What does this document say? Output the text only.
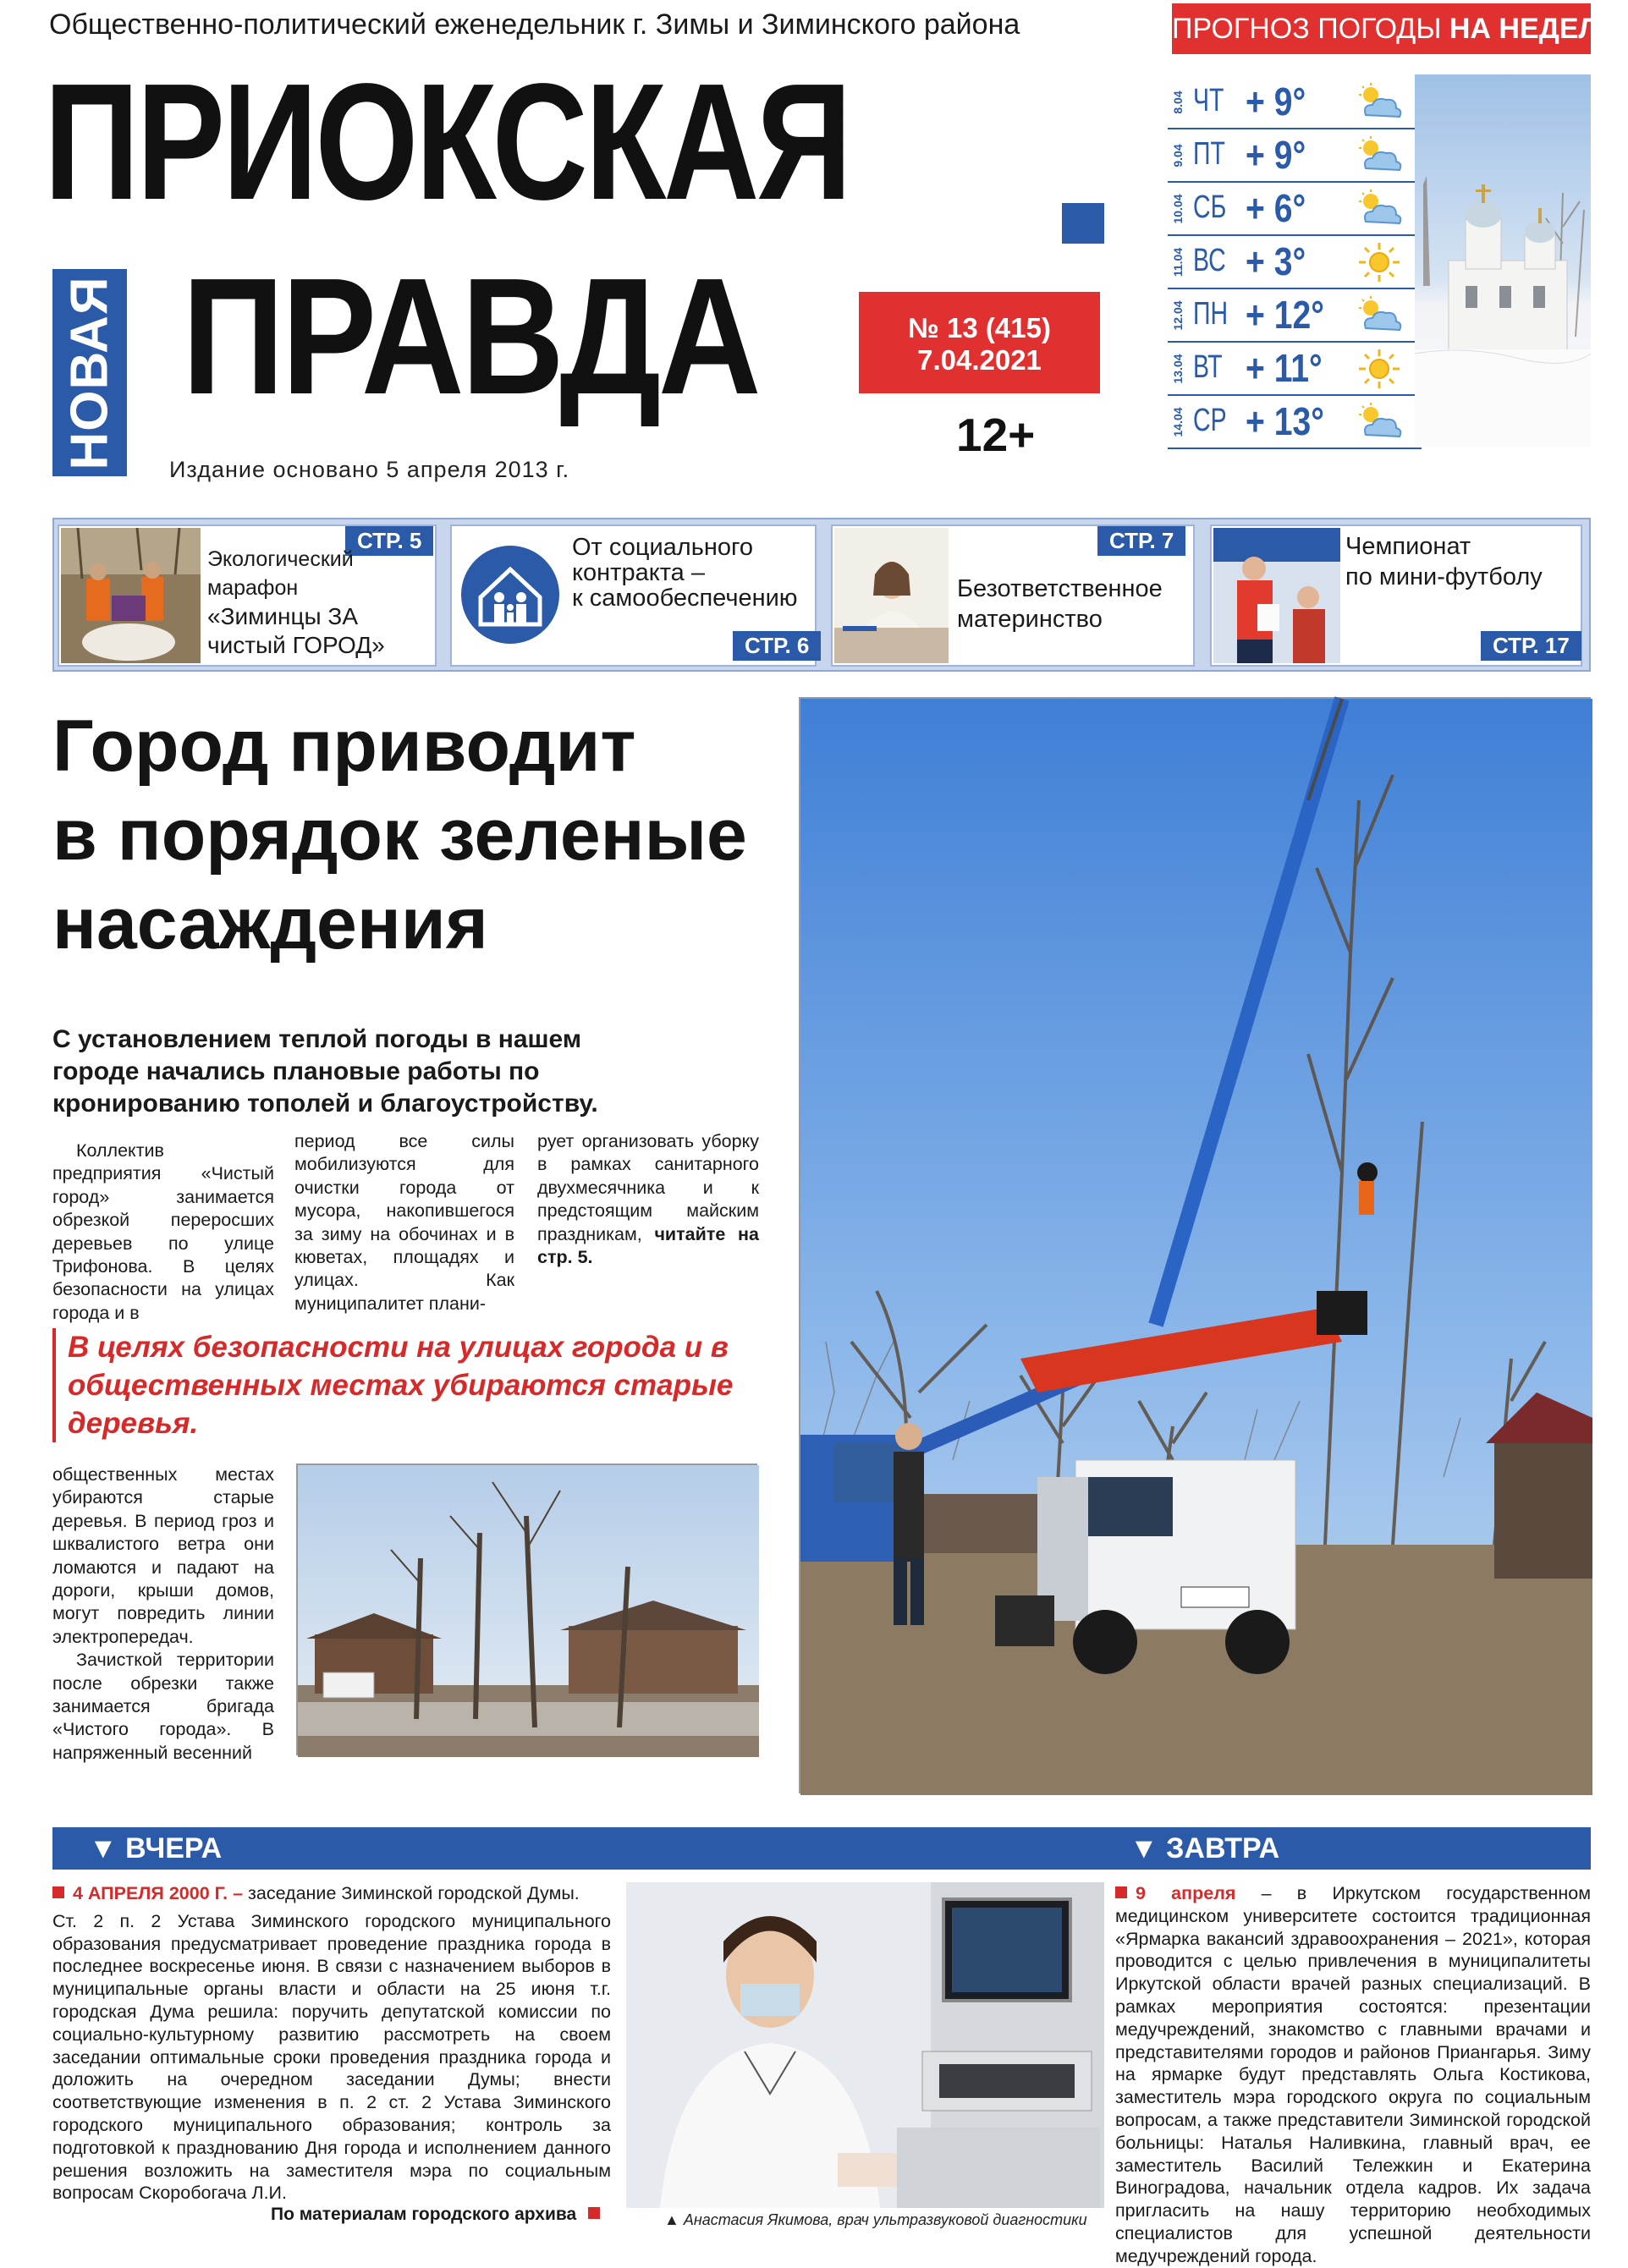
Общественно-политический еженедельник г. Зимы и Зиминского района
ПРИОКСКАЯ
НОВАЯ ПРАВДА
Издание основано 5 апреля 2013 г.
№ 13 (415)
7.04.2021
12+
ПРОГНОЗ ПОГОДЫ НА НЕДЕЛЮ
8.04 ЧТ + 9°
9.04 ПТ + 9°
10.04 СБ + 6°
11.04 ВС + 3°
12.04 ПН + 12°
13.04 ВТ + 11°
14.04 СР + 13°
СТР. 5
Экологический
марафон
«Зиминцы ЗА
чистый ГОРОД»
От социального
контракта –
к самообеспечению
СТР. 6
СТР. 7
Безответственное
материнство
Чемпионат
по мини-футболу
СТР. 17
Город приводит
в порядок зеленые
насаждения
С установлением теплой погоды в нашем городе начались плановые работы по кронированию тополей и благоустройству.

Коллектив предприятия «Чистый город» занимается обрезкой переросших деревьев по улице Трифонова. В целях безопасности на улицах города и в

период все силы мобилизуются для очистки города от мусора, накопившегося за зиму на обочинах и в кюветах, площадях и улицах. Как муниципалитет плани-

рует организовать уборку в рамках санитарного двухмесячника и к предстоящим майским праздникам, читайте на стр. 5.

В целях безопасности на улицах города и в общественных местах убираются старые деревья.

общественных местах убираются старые деревья. В период гроз и шквалистого ветра они ломаются и падают на дороги, крыши домов, могут повредить линии электропередач.

Зачисткой территории после обрезки также занимается бригада «Чистого города». В напряженный весенний

▼ ВЧЕРА	▼ ЗАВТРА
4 АПРЕЛЯ 2000 Г. – заседание Зиминской городской Думы.
Ст. 2 п. 2 Устава Зиминского городского муниципального образования предусматривает проведение праздника города в последнее воскресенье июня. В связи с назначением выборов в муниципальные органы власти и области на 25 июня т.г. городская Дума решила: поручить депутатской комиссии по социально-культурному развитию рассмотреть на своем заседании оптимальные сроки проведения праздника города и доложить на очередном заседании Думы; внести соответствующие изменения в п. 2 ст. 2 Устава Зиминского городского муниципального образования; контроль за подготовкой к празднованию Дня города и исполнением данного решения возложить на заместителя мэра по социальным вопросам Скоробогача Л.И.
По материалам городского архива	▲ Анастасия Якимова, врач ультразвуковой диагностики
9 апреля – в Иркутском государственном медицинском университете состоится традиционная «Ярмарка вакансий здравоохранения – 2021», которая проводится с целью привлечения в муниципалитеты Иркутской области врачей разных специализаций. В рамках мероприятия состоятся: презентации медучреждений, знакомство с главными врачами и представителями городов и районов Приангарья. Зиму на ярмарке будут представлять Ольга Костикова, заместитель мэра городского округа по социальным вопросам, а также представители Зиминской городской больницы: Наталья Наливкина, главный врач, ее заместитель Василий Тележкин и Екатерина Виноградова, начальник отдела кадров. Их задача пригласить на нашу территорию необходимых специалистов для успешной деятельности медучреждений города.
